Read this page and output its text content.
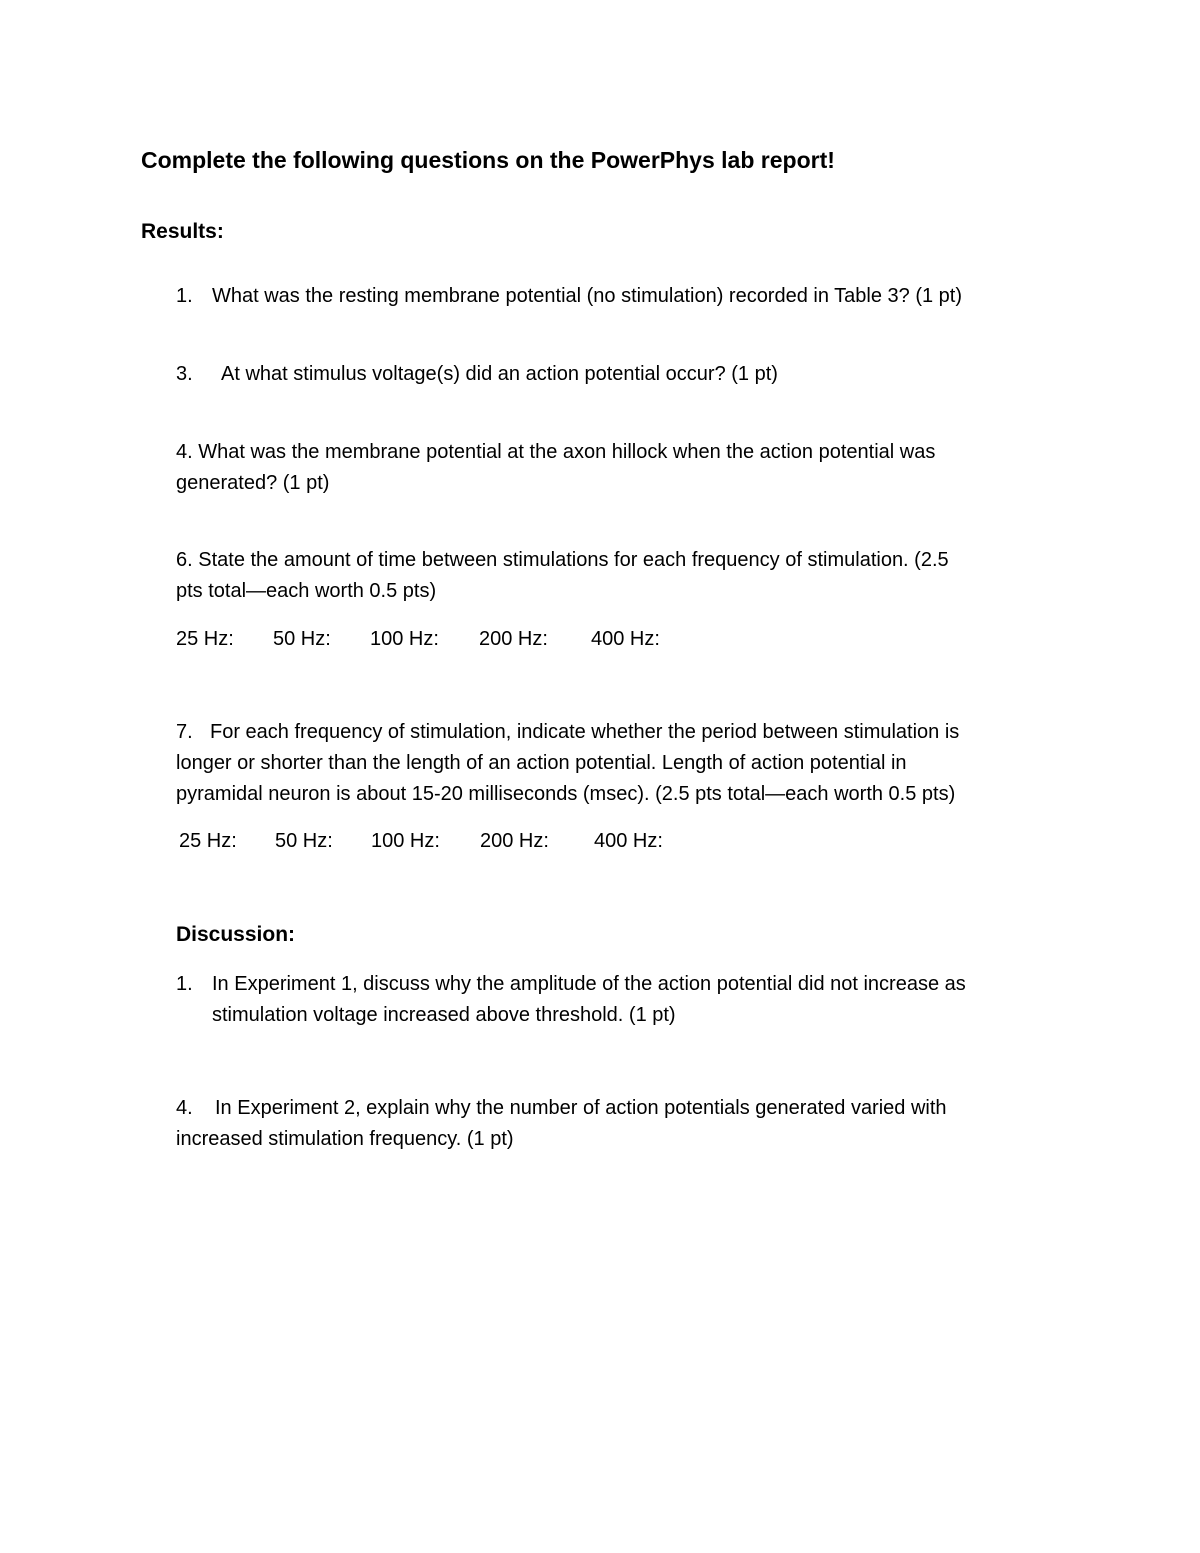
Complete the following questions on the PowerPhys lab report!
Results:
1. What was the resting membrane potential (no stimulation) recorded in Table 3? (1 pt)
3. At what stimulus voltage(s) did an action potential occur? (1 pt)
4. What was the membrane potential at the axon hillock when the action potential was
generated? (1 pt)
6. State the amount of time between stimulations for each frequency of stimulation. (2.5
pts total—each worth 0.5 pts)
25 Hz: 50 Hz: 100 Hz: 200 Hz: 400 Hz:
7. For each frequency of stimulation, indicate whether the period between stimulation is
longer or shorter than the length of an action potential. Length of action potential in
pyramidal neuron is about 15-20 milliseconds (msec). (2.5 pts total—each worth 0.5 pts)
25 Hz: 50 Hz: 100 Hz: 200 Hz: 400 Hz:
Discussion:
1. In Experiment 1, discuss why the amplitude of the action potential did not increase as
stimulation voltage increased above threshold. (1 pt)
4. In Experiment 2, explain why the number of action potentials generated varied with
increased stimulation frequency. (1 pt)
